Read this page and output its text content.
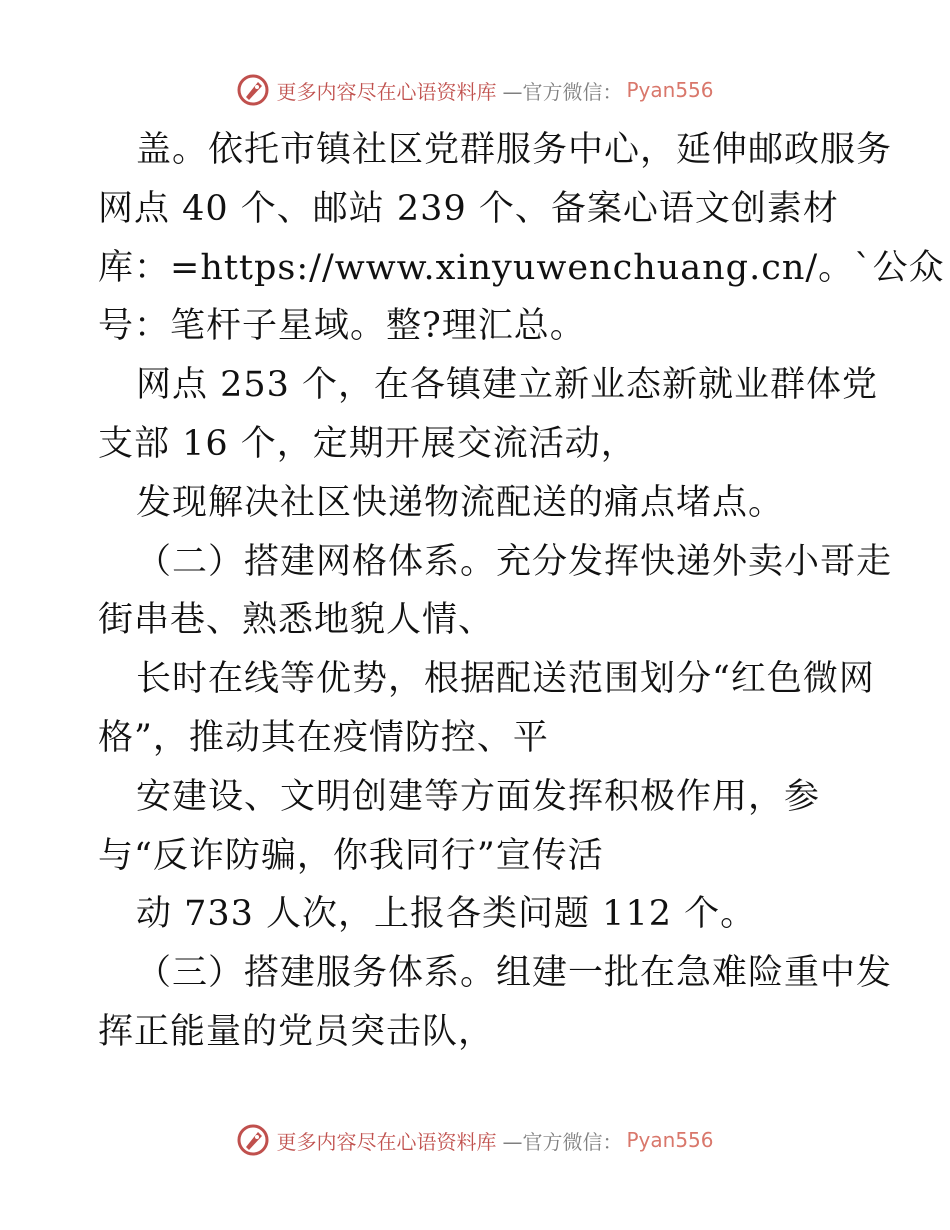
更多内容尽在心语资料库 —官方微信： Pyan556
盖。依托市镇社区党群服务中心，延伸邮政服务
网点 40 个、邮站 239 个、备案心语文创素材
库：=https://www.xinyuwenchuang.cn/。`公众
号：笔杆子星域。整?理汇总。
网点 253 个，在各镇建立新业态新就业群体党
支部 16 个，定期开展交流活动，
发现解决社区快递物流配送的痛点堵点。
（二）搭建网格体系。充分发挥快递外卖小哥走
街串巷、熟悉地貌人情、
长时在线等优势，根据配送范围划分“红色微网
格”，推动其在疫情防控、平
安建设、文明创建等方面发挥积极作用，参
与“反诈防骗，你我同行”宣传活
动 733 人次，上报各类问题 112 个。
（三）搭建服务体系。组建一批在急难险重中发
挥正能量的党员突击队，
更多内容尽在心语资料库 —官方微信： Pyan556
